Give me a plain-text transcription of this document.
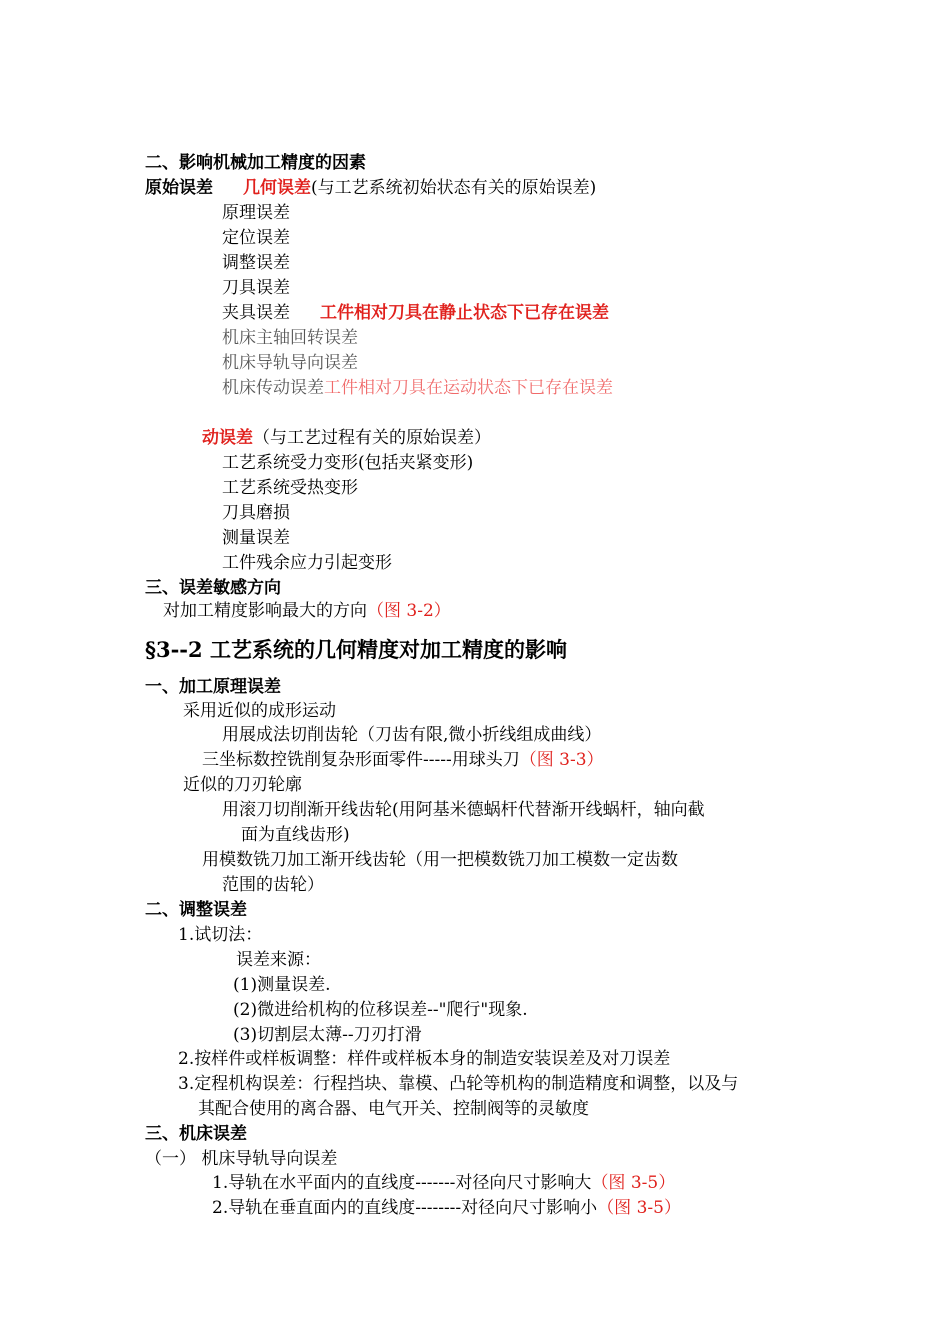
二、影响机械加工精度的因素
原始误差 几何误差(与工艺系统初始状态有关的原始误差)
原理误差
定位误差
调整误差
刀具误差
夹具误差 工件相对刀具在静止状态下已存在误差
机床主轴回转误差
机床导轨导向误差
机床传动误差工件相对刀具在运动状态下已存在误差
动误差（与工艺过程有关的原始误差）
工艺系统受力变形(包括夹紧变形)
工艺系统受热变形
刀具磨损
测量误差
工件残余应力引起变形
三、误差敏感方向
对加工精度影响最大的方向（图 3-2）
§3--2 工艺系统的几何精度对加工精度的影响
一、加工原理误差
采用近似的成形运动
用展成法切削齿轮（刀齿有限,微小折线组成曲线）
三坐标数控铣削复杂形面零件-----用球头刀（图 3-3）
近似的刀刃轮廓
用滚刀切削渐开线齿轮(用阿基米德蜗杆代替渐开线蜗杆，轴向截
面为直线齿形)
用模数铣刀加工渐开线齿轮（用一把模数铣刀加工模数一定齿数
范围的齿轮）
二、调整误差
1.试切法：
误差来源：
(1)测量误差.
(2)微进给机构的位移误差--"爬行"现象.
(3)切割层太薄--刀刃打滑
2.按样件或样板调整：样件或样板本身的制造安装误差及对刀误差
3.定程机构误差：行程挡块、靠模、凸轮等机构的制造精度和调整，以及与
其配合使用的离合器、电气开关、控制阀等的灵敏度
三、机床误差
（一） 机床导轨导向误差
1.导轨在水平面内的直线度-------对径向尺寸影响大（图 3-5）
2.导轨在垂直面内的直线度--------对径向尺寸影响小（图 3-5）
